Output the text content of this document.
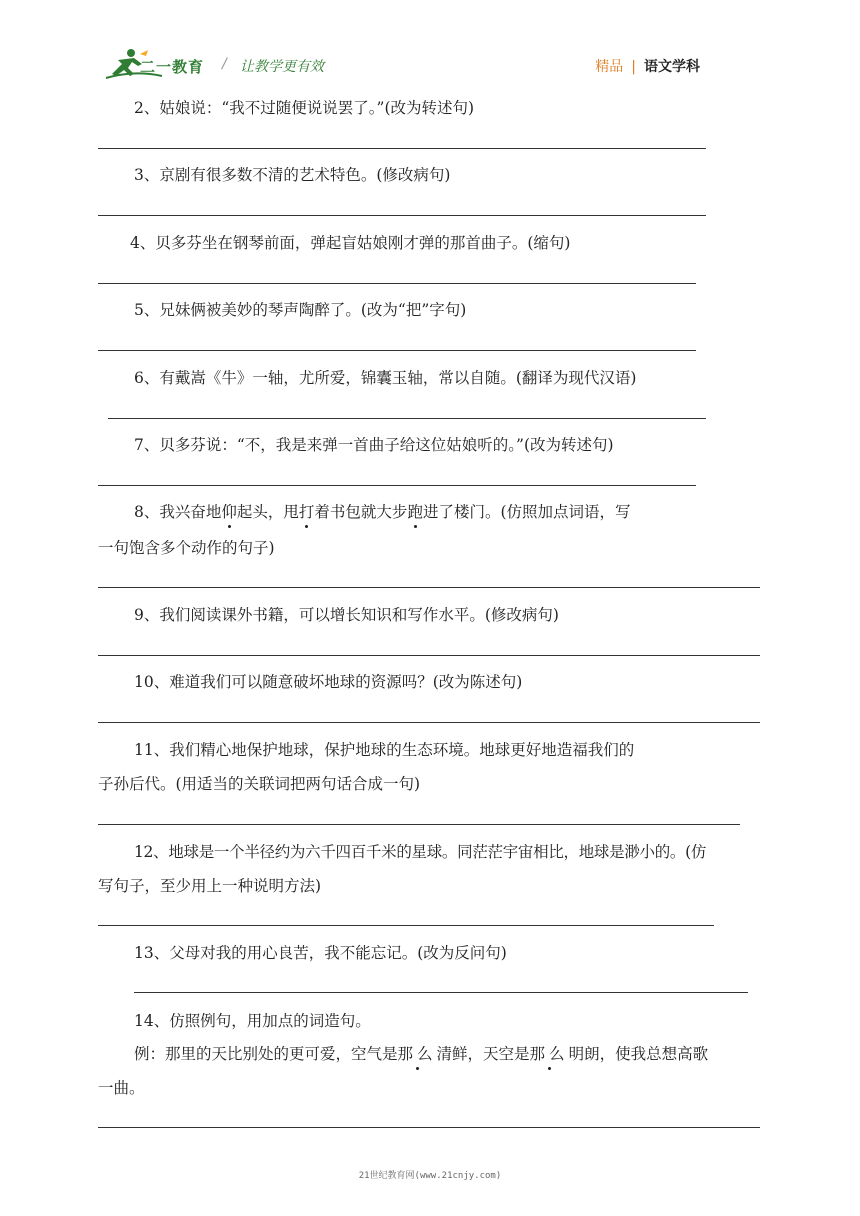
二一教育 / 让教学更有效	精品 | 语文学科
2、姑娘说：“我不过随便说说罢了。”(改为转述句)
3、京剧有很多数不清的艺术特色。(修改病句)
4、贝多芬坐在钢琴前面，弹起盲姑娘刚才弹的那首曲子。(缩句)
5、兄妹俩被美妙的琴声陶醉了。(改为“把”字句)
6、有戴嵩《牛》一轴，尤所爱，锦囊玉轴，常以自随。(翻译为现代汉语)
7、贝多芬说：“不，我是来弹一首曲子给这位姑娘听的。”(改为转述句)
8、我兴奋地仰起头，甩打着书包就大步跑进了楼门。(仿照加点词语，写
一句饱含多个动作的句子)
9、我们阅读课外书籍，可以增长知识和写作水平。(修改病句)
10、难道我们可以随意破坏地球的资源吗？(改为陈述句)
11、我们精心地保护地球，保护地球的生态环境。地球更好地造福我们的
子孙后代。(用适当的关联词把两句话合成一句)
12、地球是一个半径约为六千四百千米的星球。同茫茫宇宙相比，地球是渺小的。(仿
写句子，至少用上一种说明方法)
13、父母对我的用心良苦，我不能忘记。(改为反问句)
14、仿照例句，用加点的词造句。
例：那里的天比别处的更可爱，空气是那么清鲜，天空是那么明朗，使我总想高歌
一曲。
21世纪教育网(www.21cnjy.com)
